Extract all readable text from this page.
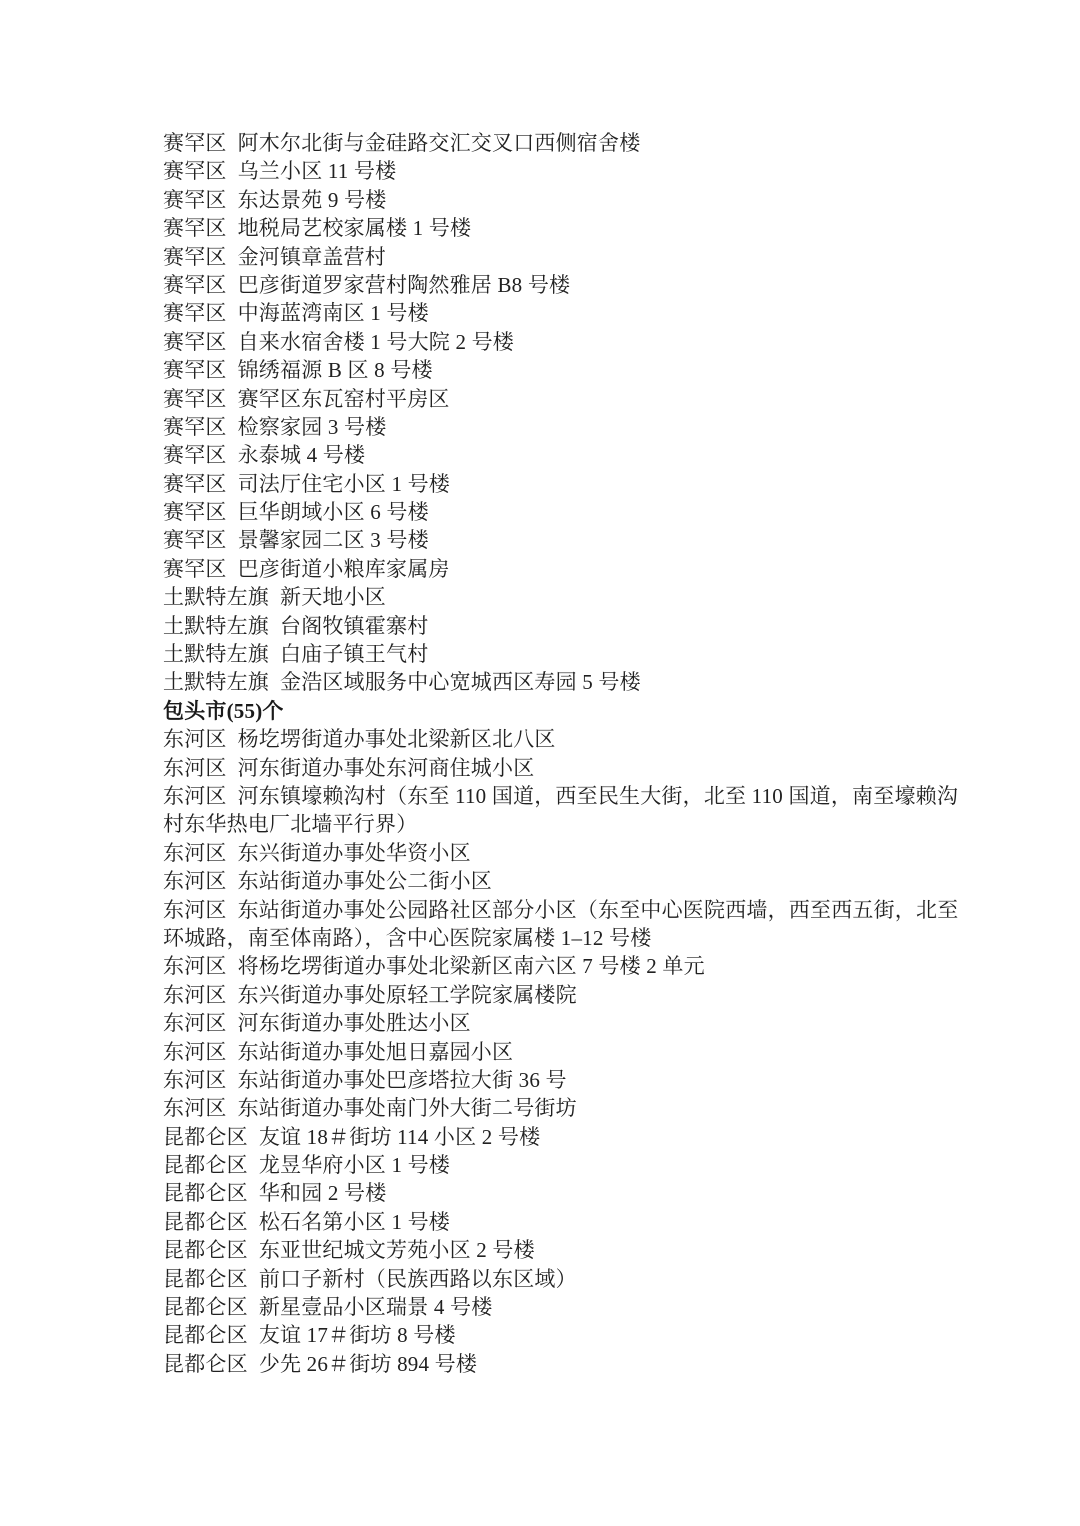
赛罕区 阿木尔北街与金硅路交汇交叉口西侧宿舍楼
赛罕区 乌兰小区 11 号楼
赛罕区 东达景苑 9 号楼
赛罕区 地税局艺校家属楼 1 号楼
赛罕区 金河镇章盖营村
赛罕区 巴彦街道罗家营村陶然雅居 B8 号楼
赛罕区 中海蓝湾南区 1 号楼
赛罕区 自来水宿舍楼 1 号大院 2 号楼
赛罕区 锦绣福源 B 区 8 号楼
赛罕区 赛罕区东瓦窑村平房区
赛罕区 检察家园 3 号楼
赛罕区 永泰城 4 号楼
赛罕区 司法厅住宅小区 1 号楼
赛罕区 巨华朗域小区 6 号楼
赛罕区 景馨家园二区 3 号楼
赛罕区 巴彦街道小粮库家属房
土默特左旗 新天地小区
土默特左旗 台阁牧镇霍寨村
土默特左旗 白庙子镇王气村
土默特左旗 金浩区域服务中心宽城西区寿园 5 号楼
包头市(55)个
东河区 杨圪塄街道办事处北梁新区北八区
东河区 河东街道办事处东河商住城小区
东河区 河东镇壕赖沟村（东至 110 国道，西至民生大街，北至 110 国道，南至壕赖沟
村东华热电厂北墙平行界）
东河区 东兴街道办事处华资小区
东河区 东站街道办事处公二街小区
东河区 东站街道办事处公园路社区部分小区（东至中心医院西墙，西至西五街，北至
环城路，南至体南路），含中心医院家属楼 1–12 号楼
东河区 将杨圪塄街道办事处北梁新区南六区 7 号楼 2 单元
东河区 东兴街道办事处原轻工学院家属楼院
东河区 河东街道办事处胜达小区
东河区 东站街道办事处旭日嘉园小区
东河区 东站街道办事处巴彦塔拉大街 36 号
东河区 东站街道办事处南门外大街二号街坊
昆都仑区 友谊 18＃街坊 114 小区 2 号楼
昆都仑区 龙昱华府小区 1 号楼
昆都仑区 华和园 2 号楼
昆都仑区 松石名第小区 1 号楼
昆都仑区 东亚世纪城文芳苑小区 2 号楼
昆都仑区 前口子新村（民族西路以东区域）
昆都仑区 新星壹品小区瑞景 4 号楼
昆都仑区 友谊 17＃街坊 8 号楼
昆都仑区 少先 26＃街坊 894 号楼
